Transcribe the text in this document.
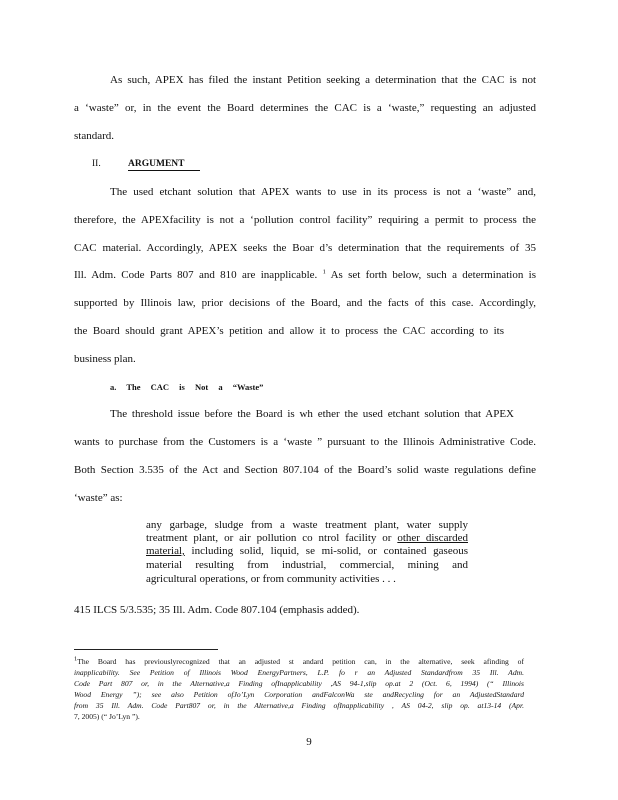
As such, APEX has filed the instant Petition seeking a determination that the CAC is not
a ‘waste” or, in the event the Board determines the CAC is a ‘waste,” requesting an adjusted
standard.
II.	ARGUMENT
The used etchant solution that APEX wants to use in its process is not a ‘waste” and,
therefore, the APEXfacility is not a ‘pollution control facility” requiring a permit to process the
CAC material. Accordingly, APEX seeks the Boar d’s determination that the requirements of 35
Ill. Adm. Code Parts 807 and 810 are inapplicable. $^1$ As set forth below, such a determination is
supported by Illinois law, prior decisions of the Board, and the facts of this case. Accordingly,
the Board should grant APEX’s petition and allow it to process the CAC according to its
business plan.
a. The CAC is Not a “Waste”
The threshold issue before the Board is wh ether the used etchant solution that APEX
wants to purchase from the Customers is a ‘waste ” pursuant to the Illinois Administrative Code.
Both Section 3.535 of the Act and Section 807.104 of the Board’s solid waste regulations define
‘waste” as:
any garbage, sludge from a waste treatment plant, water supply
treatment plant, or air pollution co ntrol facility or other discarded
material, including solid, liquid, se mi-solid, or contained gaseous
material resulting from industrial, commercial, mining and
agricultural operations, or from community activities . . .
415 ILCS 5/3.535; 35 Ill. Adm. Code 807.104 (emphasis added).
1The Board has previouslyrecognized that an adjusted st andard petition can, in the alternative, seek afinding of
inapplicability. See Petition of Illinois Wood EnergyPartners, L.P. fo r an Adjusted Standardfrom 35 Ill. Adm.
Code Part 807 or, in the Alternative,a Finding ofInapplicability ,AS 94-1,slip op.at 2 (Oct. 6, 1994) (“ Illinois
Wood Energy ”); see also Petition ofJo’Lyn Corporation andFalconWa ste andRecycling for an AdjustedStandard
from 35 Ill. Adm. Code Part807 or, in the Alternative,a Finding ofInapplicability , AS 04-2, slip op. at13-14 (Apr.
7, 2005) (“ Jo’Lyn ”).
9
